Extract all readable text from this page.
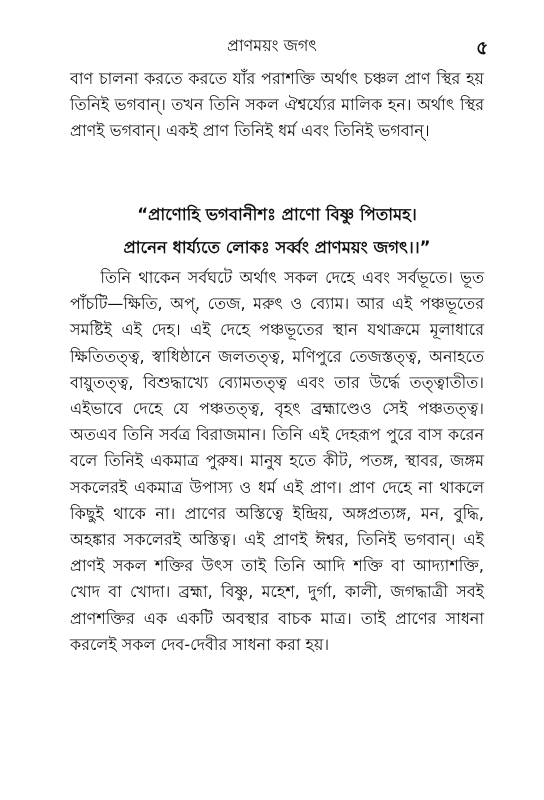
প্রাণময়ং জগৎ	৫

বাণ চালনা করতে করতে যাঁর পরাশক্তি অর্থাৎ চঞ্চল প্রাণ স্থির হয় তিনিই ভগবান্। তখন তিনি সকল ঐশ্বর্য্যের মালিক হন। অর্থাৎ স্থির প্রাণই ভগবান্। একই প্রাণ তিনিই ধর্ম এবং তিনিই ভগবান্।

“প্রাণোহি ভগবানীশঃ প্রাণো বিষ্ণু পিতামহ।

প্রানেন ধার্য্যতে লোকঃ সর্ব্বং প্রাণময়ং জগৎ।।”

তিনি থাকেন সর্বঘটে অর্থাৎ সকল দেহে এবং সর্বভূতে। ভূত পাঁচটি—ক্ষিতি, অপ্, তেজ, মরুৎ ও ব্যোম। আর এই পঞ্চভূতের সমষ্টিই এই দেহ। এই দেহে পঞ্চভূতের স্থান যথাক্রমে মূলাধারে ক্ষিতিতত্ত্ব, স্বাধিষ্ঠানে জলতত্ত্ব, মণিপুরে তেজস্তত্ত্ব, অনাহতে বায়ুতত্ত্ব, বিশুদ্ধাখ্যে ব্যোমতত্ত্ব এবং তার উর্দ্ধে তত্ত্বাতীত। এইভাবে দেহে যে পঞ্চতত্ত্ব, বৃহৎ ব্রহ্মাণ্ডেও সেই পঞ্চতত্ত্ব। অতএব তিনি সর্বত্র বিরাজমান। তিনি এই দেহরূপ পুরে বাস করেন বলে তিনিই একমাত্র পুরুষ। মানুষ হতে কীট, পতঙ্গ, স্থাবর, জঙ্গম সকলেরই একমাত্র উপাস্য ও ধর্ম এই প্রাণ। প্রাণ দেহে না থাকলে কিছুই থাকে না। প্রাণের অস্তিত্বে ইন্দ্রিয়, অঙ্গপ্রত্যঙ্গ, মন, বুদ্ধি, অহঙ্কার সকলেরই অস্তিত্ব। এই প্রাণই ঈশ্বর, তিনিই ভগবান্। এই প্রাণই সকল শক্তির উৎস তাই তিনি আদি শক্তি বা আদ্যাশক্তি, খোদ বা খোদা। ব্রহ্মা, বিষ্ণু, মহেশ, দুর্গা, কালী, জগদ্ধাত্রী সবই প্রাণশক্তির এক একটি অবস্থার বাচক মাত্র। তাই প্রাণের সাধনা করলেই সকল দেব-দেবীর সাধনা করা হয়।
